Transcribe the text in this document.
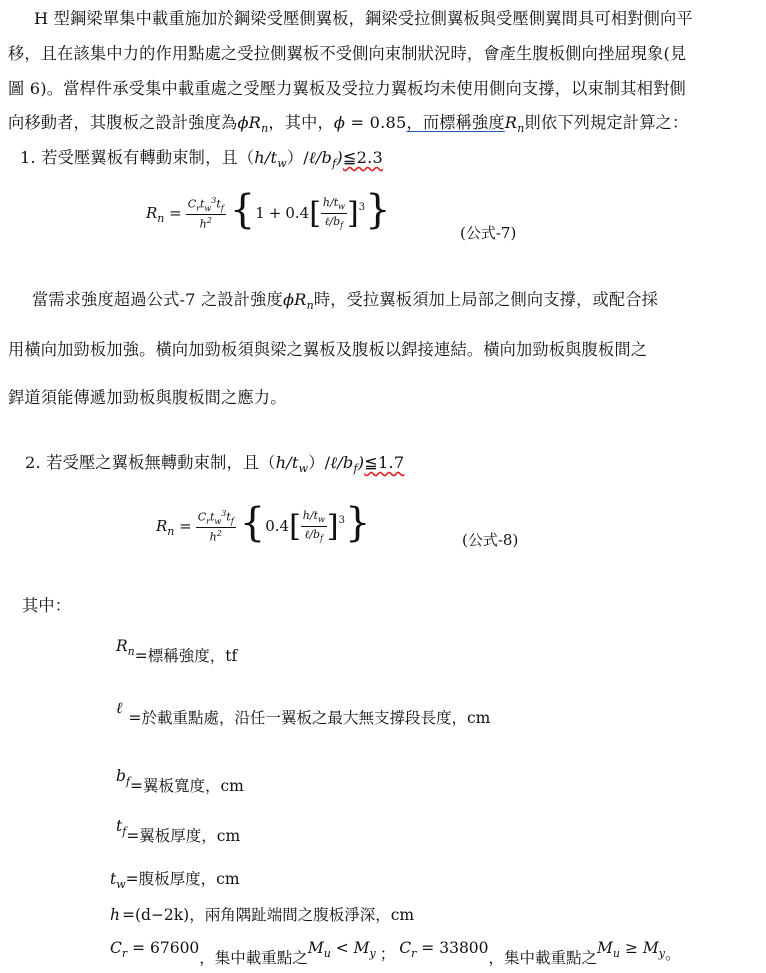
H 型鋼梁單集中載重施加於鋼梁受壓側翼板，鋼梁受拉側翼板與受壓側翼間具可相對側向平
移，且在該集中力的作用點處之受拉側翼板不受側向束制狀況時，會產生腹板側向挫屈現象(見
圖 6)。當桿件承受集中載重處之受壓力翼板及受拉力翼板均未使用側向支撐，以束制其相對側
向移動者，其腹板之設計強度為$\phi R_n$，其中，ϕ = 0.85，而標稱強度$R_n$則依下列規定計算之：
1. 若受壓翼板有轉動束制，且$(h/t_w)/\ell/b_f)≦2.3$
$R_n = \frac{C_rt_w^3t_f}{h^2}$ { 1 + 0.4 [ $\frac{h/t_w}{\ell/b_f}$ ] 3 }	(公式-7)
當需求強度超過公式-7 之設計強度$\phi R_n$時，受拉翼板須加上局部之側向支撐，或配合採
用橫向加勁板加強。橫向加勁板須與梁之翼板及腹板以銲接連結。橫向加勁板與腹板間之
銲道須能傳遞加勁板與腹板間之應力。
2. 若受壓之翼板無轉動束制，且$(h/t_w)/\ell/b_f)≦1.7$
$R_n = \frac{C_rt_w^3t_f}{h^2}$ { 0.4 [ $\frac{h/t_w}{\ell/b_f}$ ] 3 }	(公式-8)
其中：
$R_n=$標稱強度，tf
ℓ=於載重點處，沿任一翼板之最大無支撐段長度，cm
$b_f=$翼板寬度，cm
$t_f=$翼板厚度，cm
$t_w=$腹板厚度，cm
h =(d−2k)，兩角隅趾端間之腹板淨深，cm
$C_r = 67600$，集中載重點之$M_u < M_y$ ； $C_r = 33800$，集中載重點之$M_u \ge M_y$。
